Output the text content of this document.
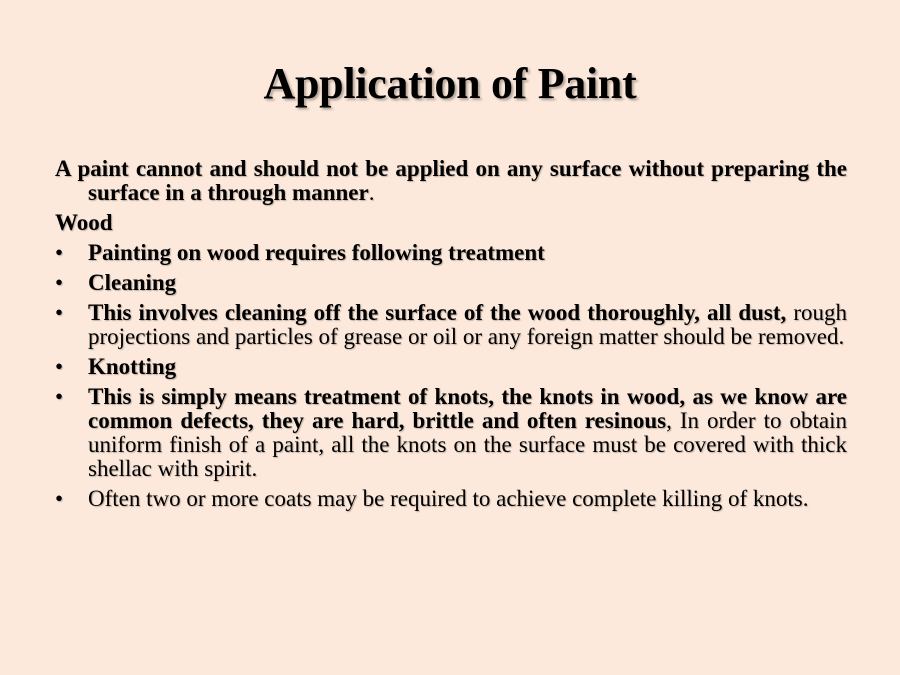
Application of Paint

A paint cannot and should not be applied on any surface without preparing the surface in a through manner.

Wood

• Painting on wood requires following treatment
• Cleaning
• This involves cleaning off the surface of the wood thoroughly, all dust, rough projections and particles of grease or oil or any foreign matter should be removed.
• Knotting
• This is simply means treatment of knots, the knots in wood, as we know are common defects, they are hard, brittle and often resinous, In order to obtain uniform finish of a paint, all the knots on the surface must be covered with thick shellac with spirit.
• Often two or more coats may be required to achieve complete killing of knots.
